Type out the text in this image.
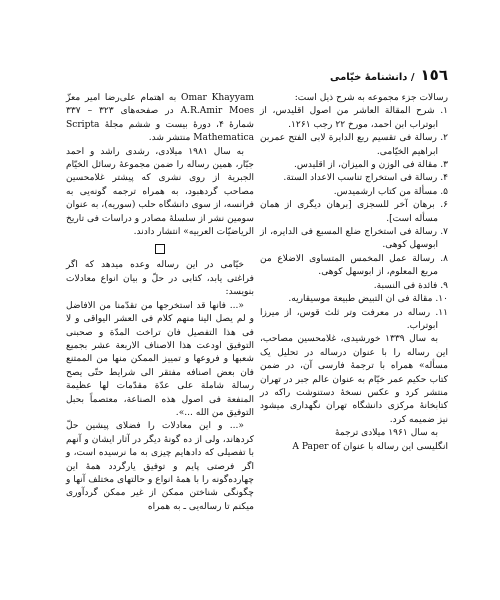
١٥٦
/ دانشنامهٔ خیّامی

رسالات جزء مجموعه به شرح ذیل است:

۱. شرح المقالة العاشر من اصول اقلیدس، از ابوتراب ابن احمد، مورخ ۲۲ رجب ۱۲۶۱.
۲. رسالة فی تقسیم ربع الدایرة لابی الفتح عمربن ابراهیم الخیّامی.
۳. مقالة فی الوزن و المیزان، از اقلیدس.
۴. رسالة فی استخراج تناسب الاعداد الستة.
۵. مسألة من کتاب ارشمیدس.
۶. برهان آخر للسجزی [برهان دیگری از همان مسأله است].
۷. رسالة فی استخراج ضلع المسبع فی الدایره، از ابوسهل کوهی.
۸. رسالة عمل المخمس المتساوی الاضلاع من مربع المعلوم، از ابوسهل کوهی.
۹. فائدة فی النسبة.
۱۰. مقالة فی ان التبیض طبیعة موسیقاریه.
۱۱. رساله در معرفت وتر ثلث قوس، از میرزا ابوتراب.

به سال ۱۳۳۹ خورشیدی، غلامحسین مصاحب، این رساله را با عنوان درساله در تحلیل یک مسأله» همراه با ترجمهٔ فارسی آن، در ضمن کتاب حکیم عمر خیّام به عنوان عالم جبر در تهران منتشر کرد و عکس نسخهٔ دستنوشت راکه در کتابخانهٔ مرکزی دانشگاه تهران نگهداری میشود نیز ضمیمه کرد.

به سال ۱۹۶۱ میلادی ترجمهٔ

انگلیسی این رساله با عنوان A Paper of

Omar Khayyam به اهتمام علی‌رضا امیر معزّ A.R.Amir Moes در صفحه‌های ۳۲۳ – ۳۳۷ شمارهٔ ۴، دورهٔ بیست و ششم مجلهٔ Scripta Mathematica منتشر شد.

به سال ۱۹۸۱ میلادی، رشدی راشد و احمد جبّار، همین رساله را ضمن مجموعهٔ رسائل الخیّام الجبریة از روی نشری که پیشتر غلامحسین مصاحب گردهبود، به همراه ترجمه گونه‌یی به فرانسه، از سوی دانشگاه حلب (سوریه)، به عنوان سومین نشر از سلسلهٔ مصادر و دراسات فی تاریخ الریاضیّات العربیه» انتشار دادند.

خیّامی در این رساله وعده میدهد که اگر فراغتی یابد، کتابی در حلّ و بیان انواع معادلات بنویسد:

«... فانها قد استخرجها من تقدّمنا من الافاضل و لم یصل الینا منهم کلام فی العشر الیواقی و لا فی هذا التفصیل فان تراخت المدّة و صحبنی التوفیق اودعت هذا الاصناف الاربعة عشر بجمیع شعبها و فروعها و تمییز الممکن منها من الممتنع فان بعض اصنافه مفتقر الی شرایط حتّی یصح رسالة شاملة علی عدّة مقدّمات لها عظیمة المنفعة فی اصول هذه الصناعة، معتصماً بحبل التوفیق من الله ...».

«... و این معادلات را فضلای پیشین حلّ کردهاند، ولی از ده گونهٔ دیگر در آثار ایشان و آنهم با تفصیلی که دادهایم چیزی به ما نرسیده است، و اگر فرصتی پایم و توفیق یارگردد همهٔ این چهارده‌گونه را با همهٔ انواع و حالتهای مختلف آنها و چگونگی شناختن ممکن از غیر ممکن گردآوری میکنم تا رساله‌یی ـ به همراه
